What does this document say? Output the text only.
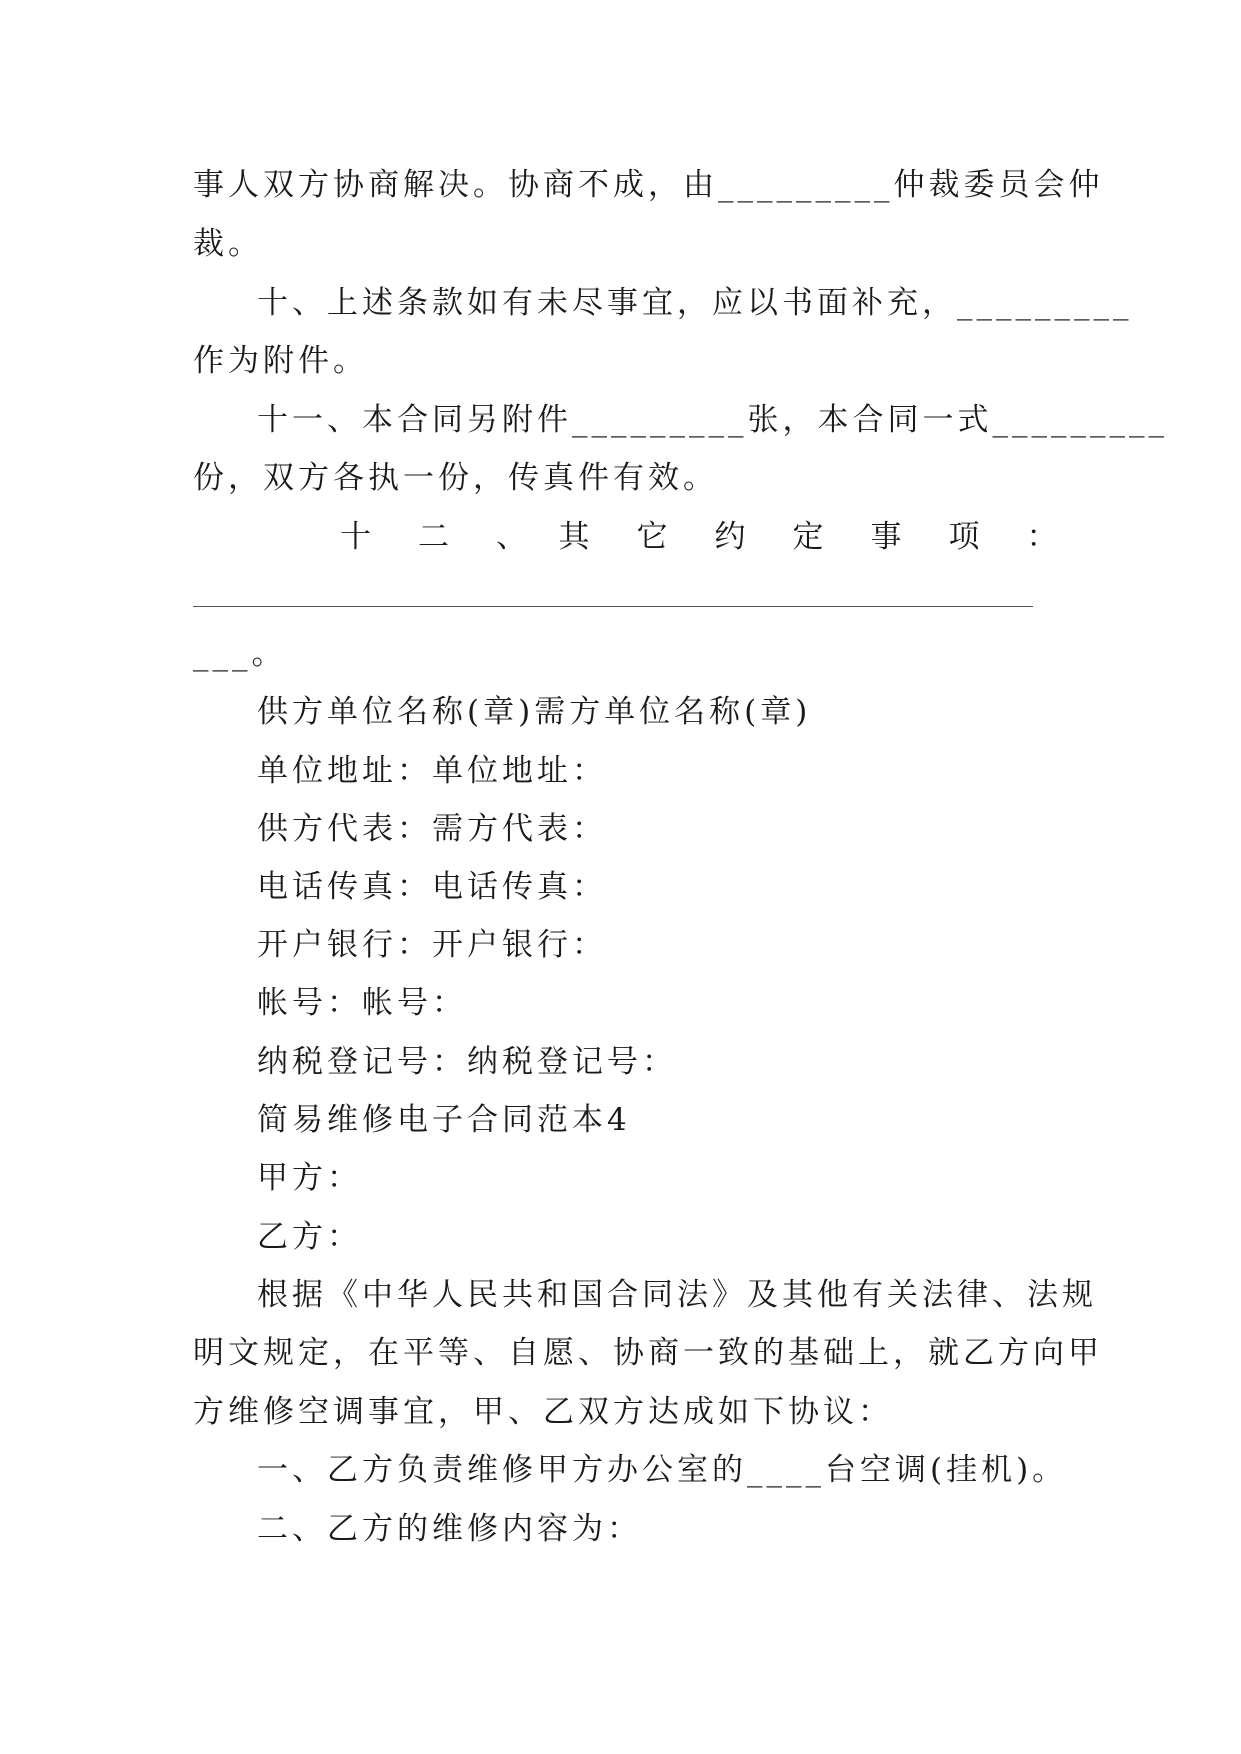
事人双方协商解决。协商不成，由_________仲裁委员会仲
裁。
十、上述条款如有未尽事宜，应以书面补充，_________
作为附件。
十一、本合同另附件_________张，本合同一式_________
份，双方各执一份，传真件有效。
十　二　、　其　它　约　定　事　项　：
___。
供方单位名称(章)需方单位名称(章)
单位地址：单位地址：
供方代表：需方代表：
电话传真：电话传真：
开户银行：开户银行：
帐号：帐号：
纳税登记号：纳税登记号：
简易维修电子合同范本4
甲方：
乙方：
根据《中华人民共和国合同法》及其他有关法律、法规
明文规定，在平等、自愿、协商一致的基础上，就乙方向甲
方维修空调事宜，甲、乙双方达成如下协议：
一、乙方负责维修甲方办公室的____台空调(挂机)。
二、乙方的维修内容为：
